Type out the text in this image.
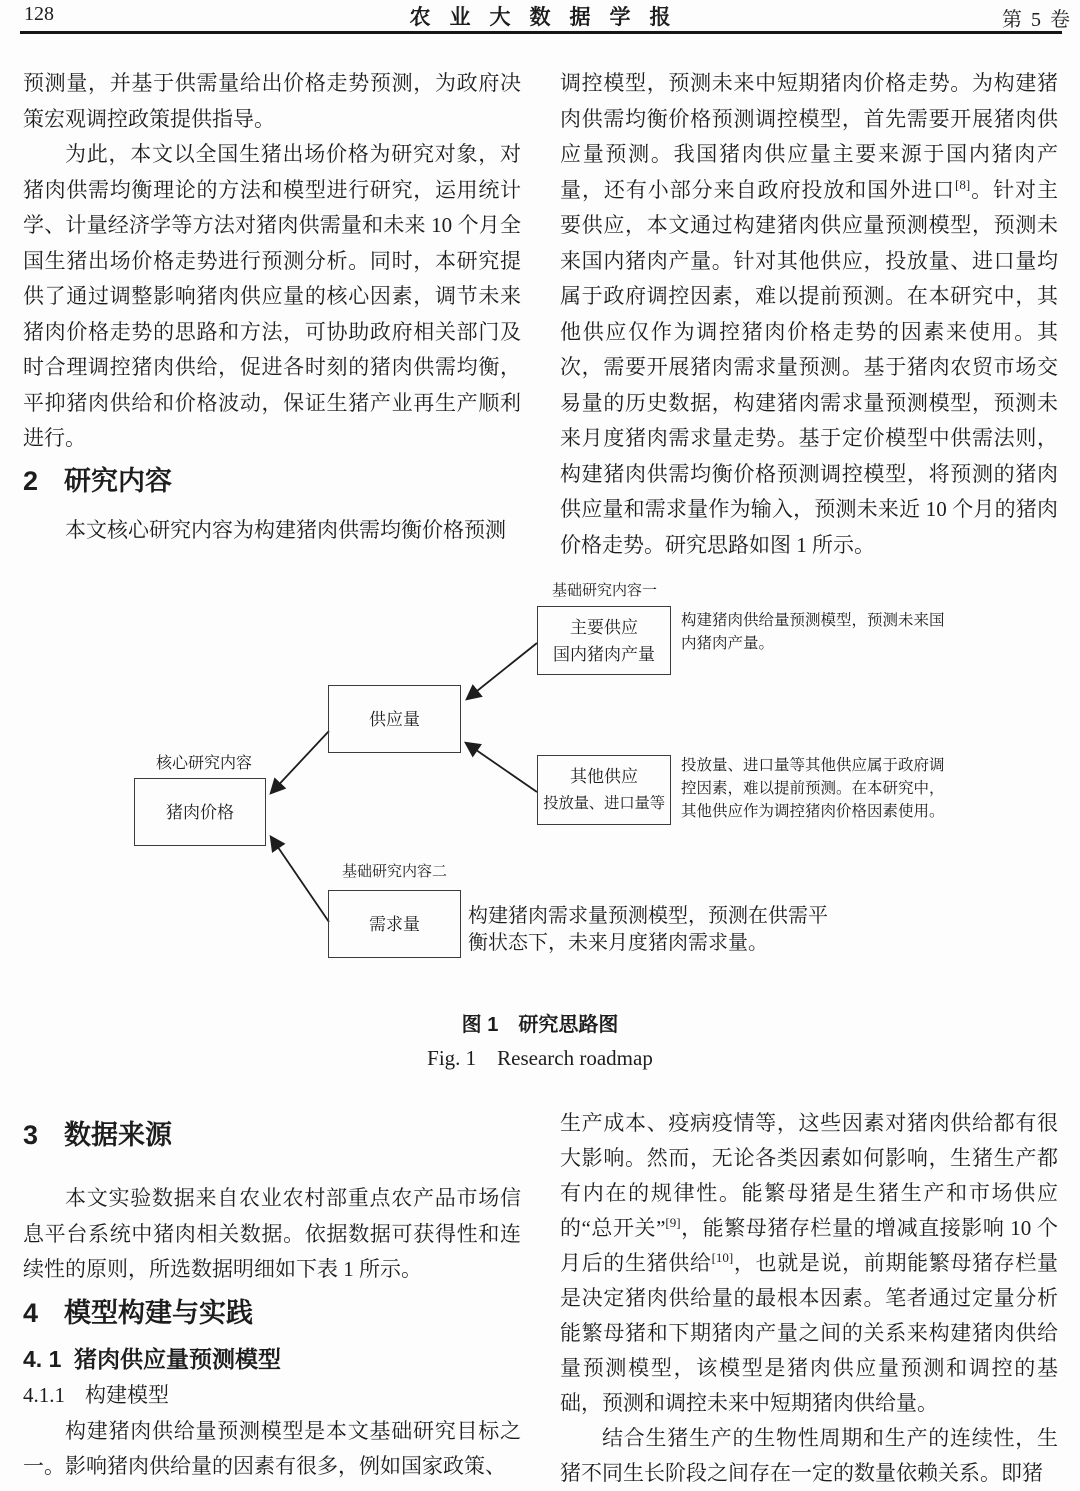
128	农业大数据学报	第 5 卷

预测量，并基于供需量给出价格走势预测，为政府决策宏观调控政策提供指导。

为此，本文以全国生猪出场价格为研究对象，对猪肉供需均衡理论的方法和模型进行研究，运用统计学、计量经济学等方法对猪肉供需量和未来 10 个月全国生猪出场价格走势进行预测分析。同时，本研究提供了通过调整影响猪肉供应量的核心因素，调节未来猪肉价格走势的思路和方法，可协助政府相关部门及时合理调控猪肉供给，促进各时刻的猪肉供需均衡，平抑猪肉供给和价格波动，保证生猪产业再生产顺利进行。

2 研究内容

本文核心研究内容为构建猪肉供需均衡价格预测

调控模型，预测未来中短期猪肉价格走势。为构建猪肉供需均衡价格预测调控模型，首先需要开展猪肉供应量预测。我国猪肉供应量主要来源于国内猪肉产量，还有小部分来自政府投放和国外进口[8]。针对主要供应，本文通过构建猪肉供应量预测模型，预测未来国内猪肉产量。针对其他供应，投放量、进口量均属于政府调控因素，难以提前预测。在本研究中，其他供应仅作为调控猪肉价格走势的因素来使用。其次，需要开展猪肉需求量预测。基于猪肉农贸市场交易量的历史数据，构建猪肉需求量预测模型，预测未来月度猪肉需求量走势。基于定价模型中供需法则，构建猪肉供需均衡价格预测调控模型，将预测的猪肉供应量和需求量作为输入，预测未来近 10 个月的猪肉价格走势。研究思路如图 1 所示。

基础研究内容一
主要供应
国内猪肉产量
构建猪肉供给量预测模型，预测未来国内猪肉产量。
供应量
核心研究内容
猪肉价格
其他供应
投放量、进口量等
投放量、进口量等其他供应属于政府调控因素，难以提前预测。在本研究中，其他供应作为调控猪肉价格因素使用。
基础研究内容二
需求量 构建猪肉需求量预测模型，预测在供需平衡状态下，未来月度猪肉需求量。
图 1　研究思路图
Fig. 1　Research roadmap
3 数据来源

本文实验数据来自农业农村部重点农产品市场信息平台系统中猪肉相关数据。依据数据可获得性和连续性的原则，所选数据明细如下表 1 所示。

4 模型构建与实践
4. 1 猪肉供应量预测模型
4.1.1 构建模型

构建猪肉供给量预测模型是本文基础研究目标之一。影响猪肉供给量的因素有很多，例如国家政策、

生产成本、疫病疫情等，这些因素对猪肉供给都有很大影响。然而，无论各类因素如何影响，生猪生产都有内在的规律性。能繁母猪是生猪生产和市场供应的“总开关”[9]，能繁母猪存栏量的增减直接影响 10 个月后的生猪供给[10]，也就是说，前期能繁母猪存栏量是决定猪肉供给量的最根本因素。笔者通过定量分析能繁母猪和下期猪肉产量之间的关系来构建猪肉供给量预测模型，该模型是猪肉供应量预测和调控的基础，预测和调控未来中短期猪肉供给量。

结合生猪生产的生物性周期和生产的连续性，生猪不同生长阶段之间存在一定的数量依赖关系。即猪
